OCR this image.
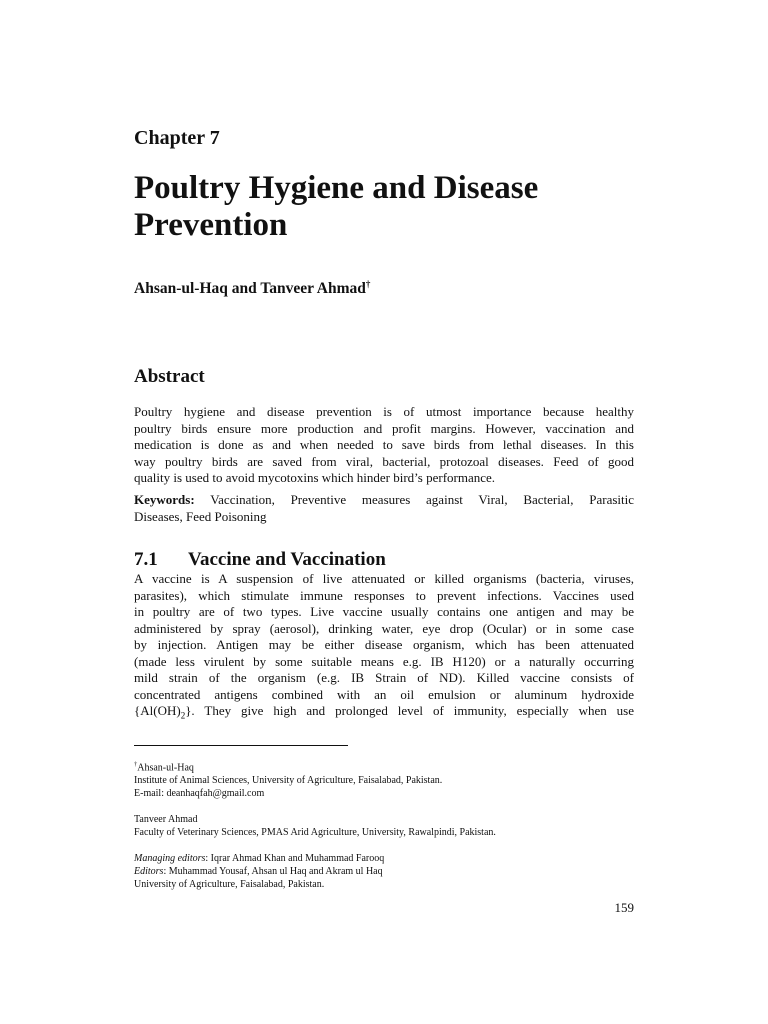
Chapter 7
Poultry Hygiene and Disease
Prevention

Ahsan-ul-Haq and Tanveer Ahmad†

Abstract

Poultry hygiene and disease prevention is of utmost importance because healthy
poultry birds ensure more production and profit margins. However, vaccination and
medication is done as and when needed to save birds from lethal diseases. In this
way poultry birds are saved from viral, bacterial, protozoal diseases. Feed of good
quality is used to avoid mycotoxins which hinder bird’s performance.

Keywords: Vaccination, Preventive measures against Viral, Bacterial, Parasitic
Diseases, Feed Poisoning

7.1 Vaccine and Vaccination

A vaccine is A suspension of live attenuated or killed organisms (bacteria, viruses,
parasites), which stimulate immune responses to prevent infections. Vaccines used
in poultry are of two types. Live vaccine usually contains one antigen and may be
administered by spray (aerosol), drinking water, eye drop (Ocular) or in some case
by injection. Antigen may be either disease organism, which has been attenuated
(made less virulent by some suitable means e.g. IB H120) or a naturally occurring
mild strain of the organism (e.g. IB Strain of ND). Killed vaccine consists of
concentrated antigens combined with an oil emulsion or aluminum hydroxide
$\{Al(OH)_2\}$. They give high and prolonged level of immunity, especially when use

†Ahsan-ul-Haq

Institute of Animal Sciences, University of Agriculture, Faisalabad, Pakistan.

E-mail: deanhaqfah@gmail.com

Tanveer Ahmad

Faculty of Veterinary Sciences, PMAS Arid Agriculture, University, Rawalpindi, Pakistan.

Managing editors: Iqrar Ahmad Khan and Muhammad Farooq

Editors: Muhammad Yousaf, Ahsan ul Haq and Akram ul Haq

University of Agriculture, Faisalabad, Pakistan.

159
